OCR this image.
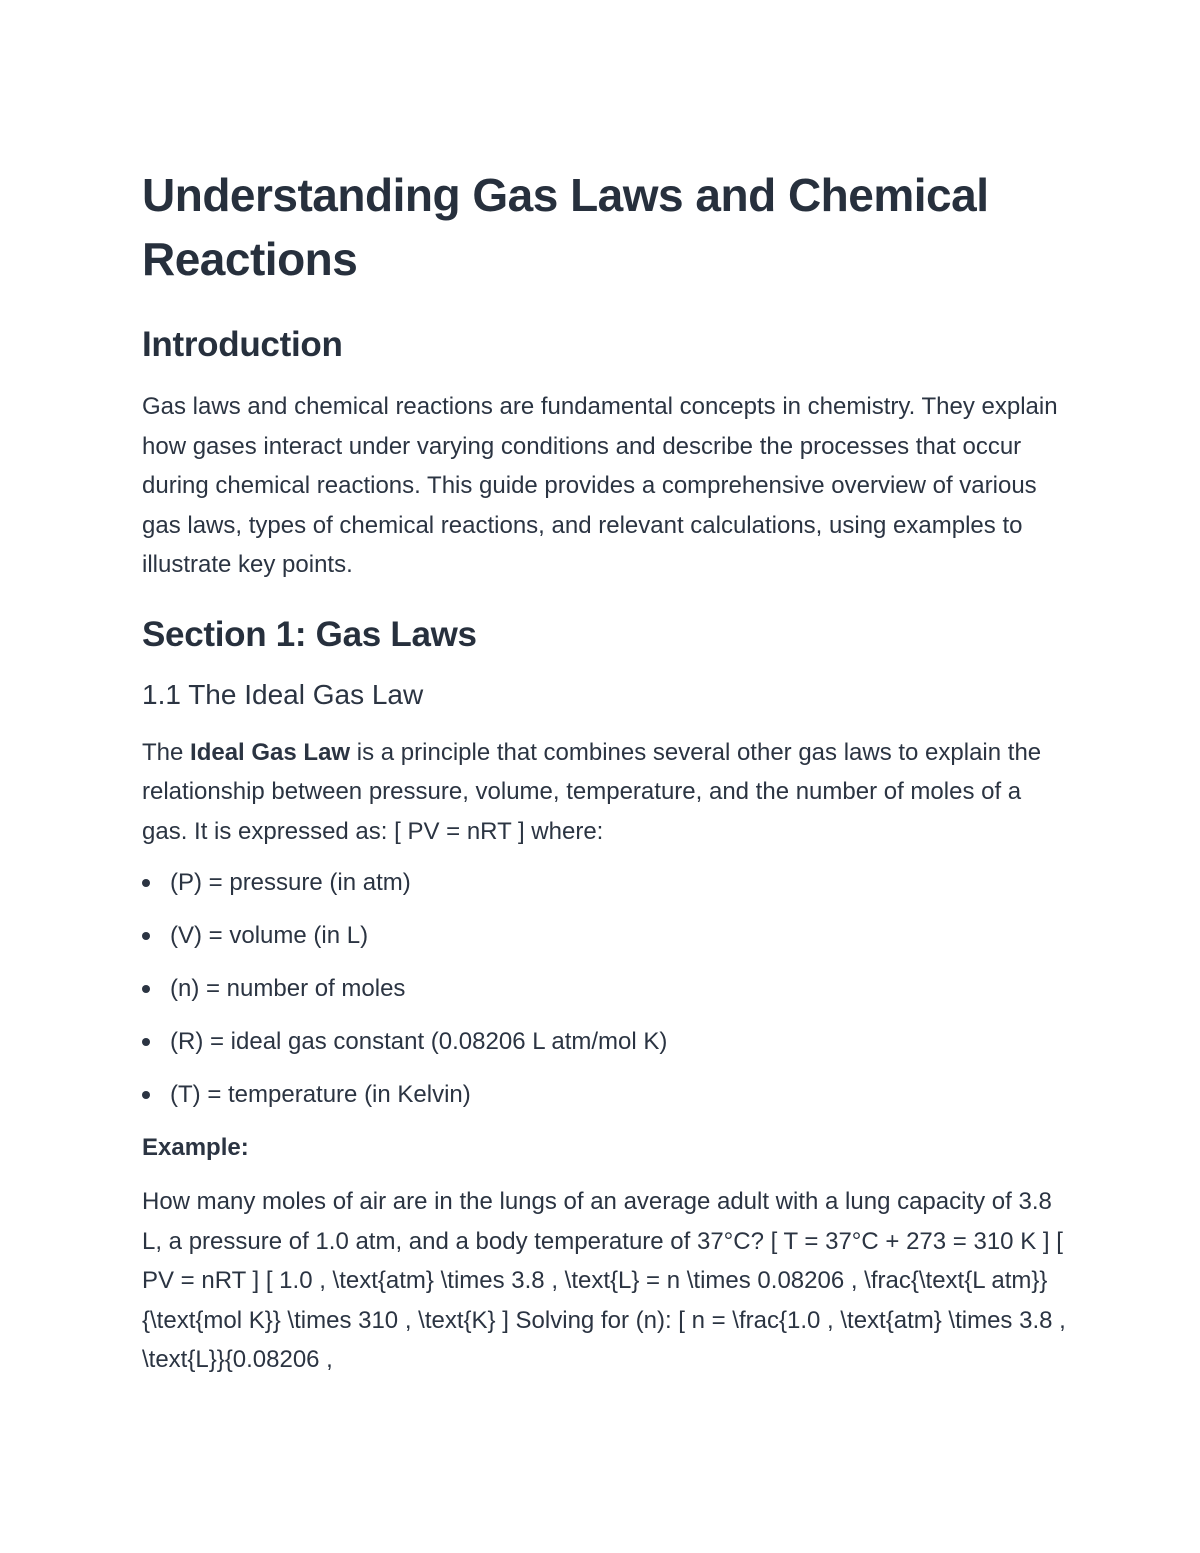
Understanding Gas Laws and Chemical Reactions
Introduction

Gas laws and chemical reactions are fundamental concepts in chemistry. They explain how gases interact under varying conditions and describe the processes that occur during chemical reactions. This guide provides a comprehensive overview of various gas laws, types of chemical reactions, and relevant calculations, using examples to illustrate key points.

Section 1: Gas Laws
1.1 The Ideal Gas Law

The Ideal Gas Law is a principle that combines several other gas laws to explain the relationship between pressure, volume, temperature, and the number of moles of a gas. It is expressed as: [ PV = nRT ] where:

(P) = pressure (in atm)
(V) = volume (in L)
(n) = number of moles
(R) = ideal gas constant (0.08206 L atm/mol K)
(T) = temperature (in Kelvin)

Example:

How many moles of air are in the lungs of an average adult with a lung capacity of 3.8 L, a pressure of 1.0 atm, and a body temperature of 37°C? [ T = 37°C + 273 = 310 K ] [ PV = nRT ] [ 1.0 , \text{atm} \times 3.8 , \text{L} = n \times 0.08206 , \frac{\text{L atm}}{\text{mol K}} \times 310 , \text{K} ] Solving for (n): [ n = \frac{1.0 , \text{atm} \times 3.8 , \text{L}}{0.08206 ,
